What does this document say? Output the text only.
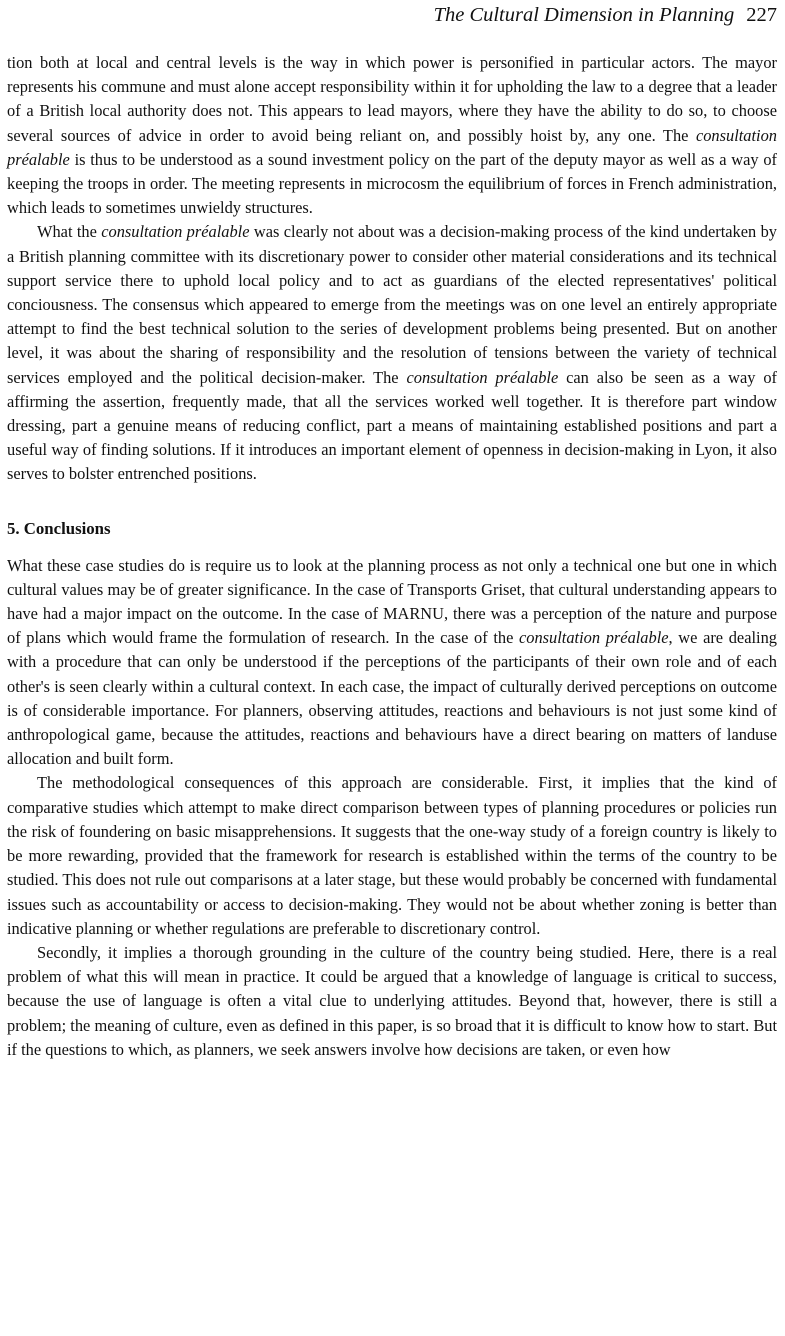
The Cultural Dimension in Planning 227

tion both at local and central levels is the way in which power is personified in particular actors. The mayor represents his commune and must alone accept responsibility within it for upholding the law to a degree that a leader of a British local authority does not. This appears to lead mayors, where they have the ability to do so, to choose several sources of advice in order to avoid being reliant on, and possibly hoist by, any one. The consultation préalable is thus to be understood as a sound investment policy on the part of the deputy mayor as well as a way of keeping the troops in order. The meeting represents in microcosm the equilibrium of forces in French administration, which leads to sometimes unwieldy structures.

What the consultation préalable was clearly not about was a decision-making process of the kind undertaken by a British planning committee with its discretionary power to consider other material considerations and its technical support service there to uphold local policy and to act as guardians of the elected representatives' political conciousness. The consensus which appeared to emerge from the meetings was on one level an entirely appropriate attempt to find the best technical solution to the series of development problems being presented. But on another level, it was about the sharing of responsibility and the resolution of tensions between the variety of technical services employed and the political decision-maker. The consultation préalable can also be seen as a way of affirming the assertion, frequently made, that all the services worked well together. It is therefore part window dressing, part a genuine means of reducing conflict, part a means of maintaining established positions and part a useful way of finding solutions. If it introduces an important element of openness in decision-making in Lyon, it also serves to bolster entrenched positions.

5. Conclusions

What these case studies do is require us to look at the planning process as not only a technical one but one in which cultural values may be of greater significance. In the case of Transports Griset, that cultural understanding appears to have had a major impact on the outcome. In the case of MARNU, there was a perception of the nature and purpose of plans which would frame the formulation of research. In the case of the consultation préalable, we are dealing with a procedure that can only be understood if the perceptions of the participants of their own role and of each other's is seen clearly within a cultural context. In each case, the impact of culturally derived perceptions on outcome is of considerable importance. For planners, observing attitudes, reactions and behaviours is not just some kind of anthropological game, because the attitudes, reactions and behaviours have a direct bearing on matters of landuse allocation and built form.

The methodological consequences of this approach are considerable. First, it implies that the kind of comparative studies which attempt to make direct comparison between types of planning procedures or policies run the risk of foundering on basic misapprehensions. It suggests that the one-way study of a foreign country is likely to be more rewarding, provided that the framework for research is established within the terms of the country to be studied. This does not rule out comparisons at a later stage, but these would probably be concerned with fundamental issues such as accountability or access to decision-making. They would not be about whether zoning is better than indicative planning or whether regulations are preferable to discretionary control.

Secondly, it implies a thorough grounding in the culture of the country being studied. Here, there is a real problem of what this will mean in practice. It could be argued that a knowledge of language is critical to success, because the use of language is often a vital clue to underlying attitudes. Beyond that, however, there is still a problem; the meaning of culture, even as defined in this paper, is so broad that it is difficult to know how to start. But if the questions to which, as planners, we seek answers involve how decisions are taken, or even how
